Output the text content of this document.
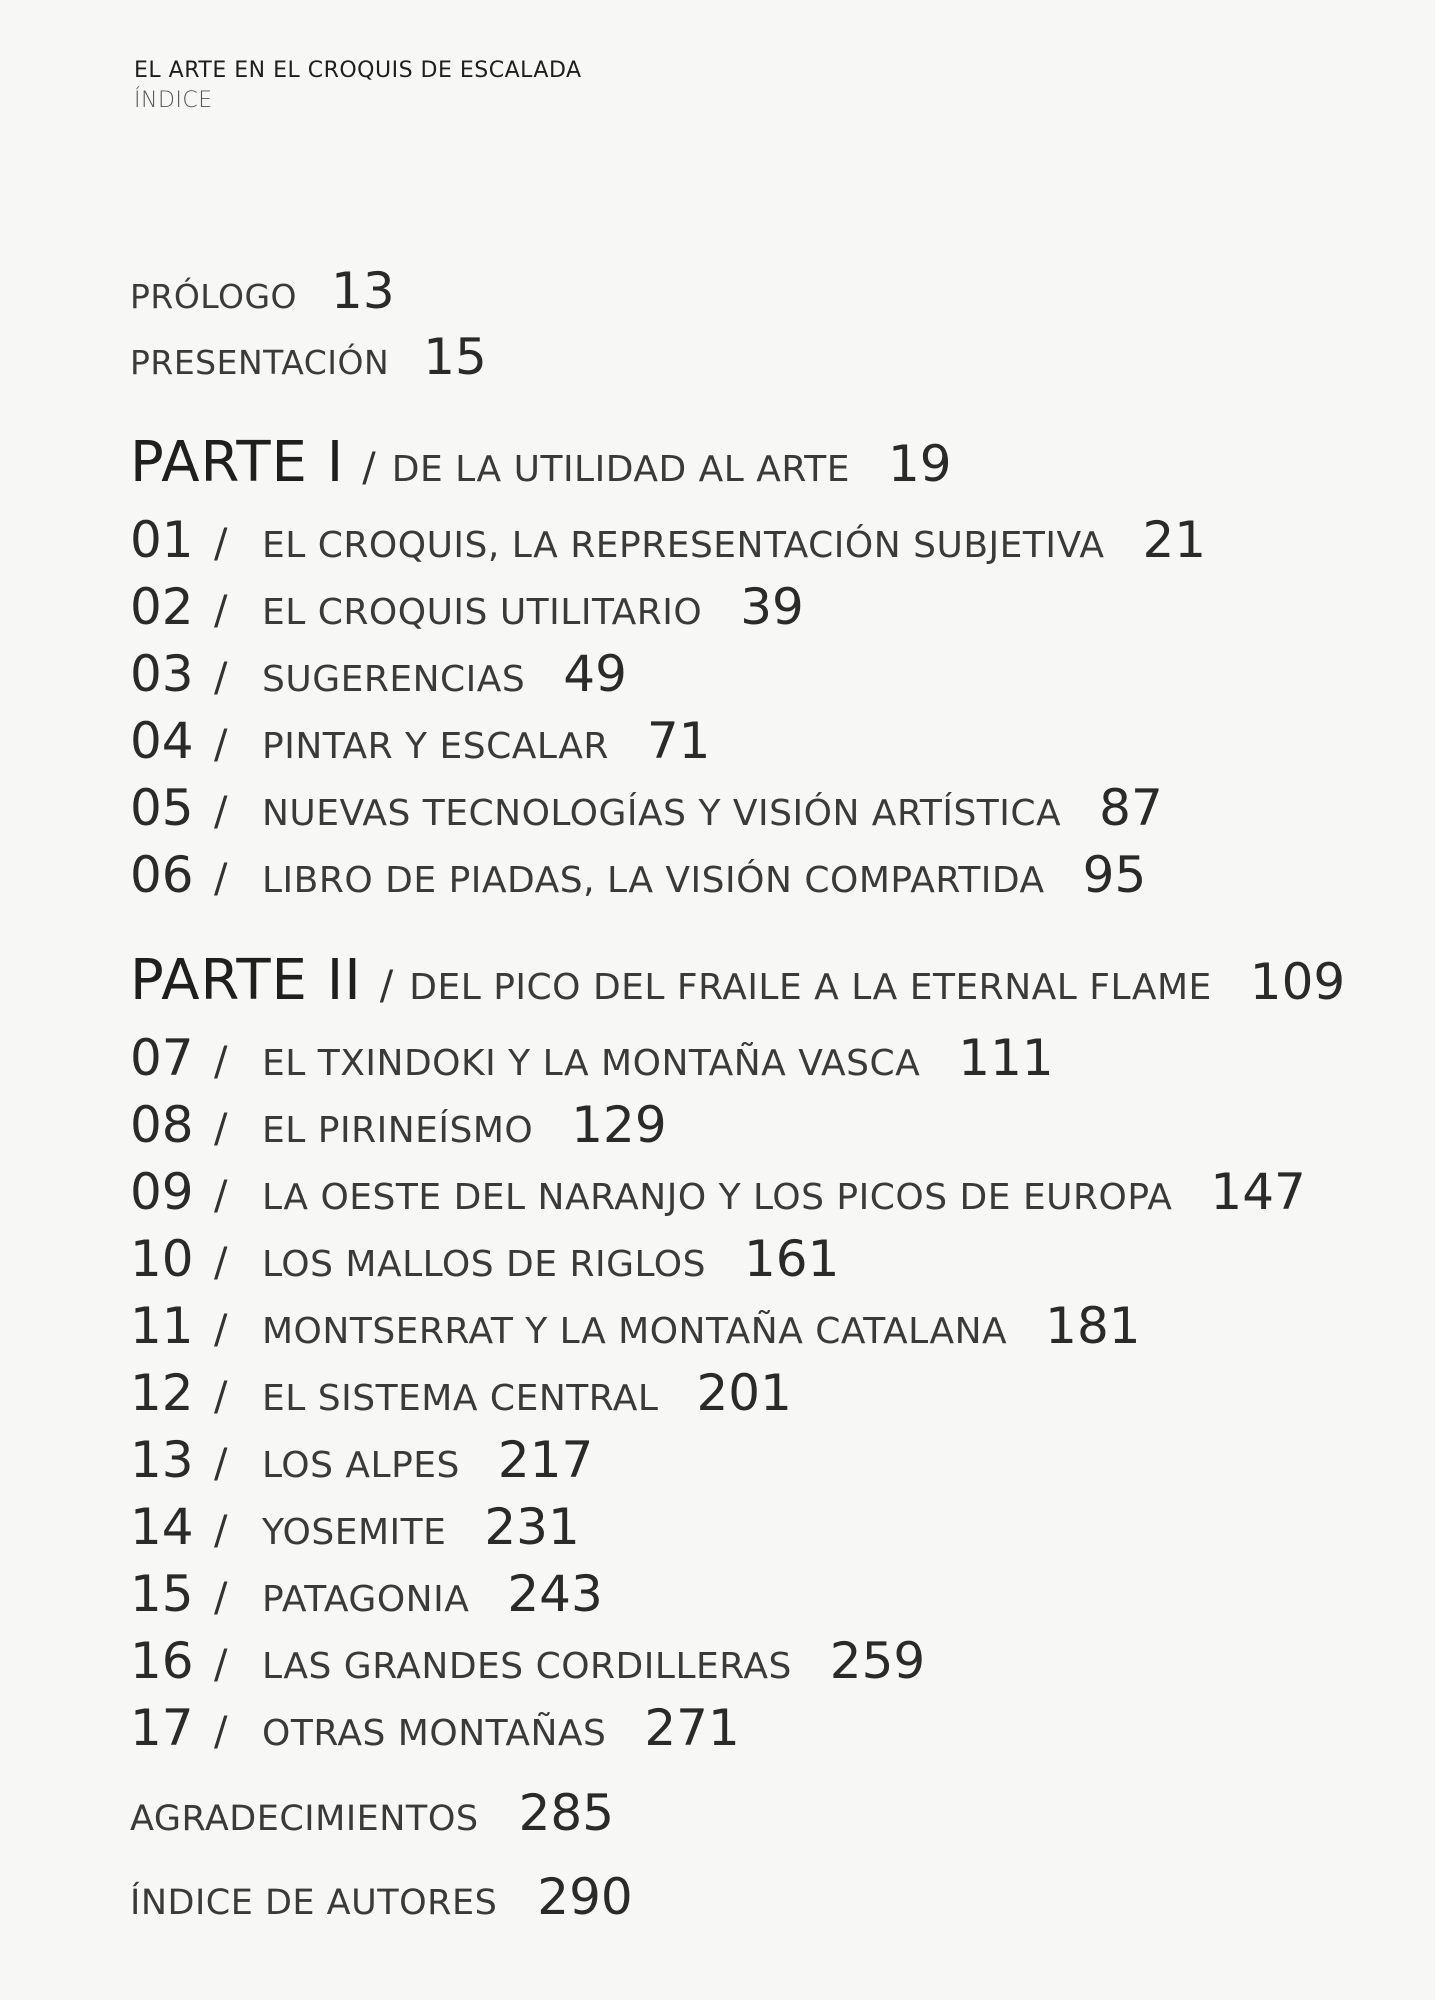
EL ARTE EN EL CROQUIS DE ESCALADA
ÍNDICE
PRÓLOGO 13
PRESENTACIÓN 15
PARTE I / DE LA UTILIDAD AL ARTE 19
01 / EL CROQUIS, LA REPRESENTACIÓN SUBJETIVA 21
02 / EL CROQUIS UTILITARIO 39
03 / SUGERENCIAS 49
04 / PINTAR Y ESCALAR 71
05 / NUEVAS TECNOLOGÍAS Y VISIÓN ARTÍSTICA 87
06 / LIBRO DE PIADAS, LA VISIÓN COMPARTIDA 95
PARTE II / DEL PICO DEL FRAILE A LA ETERNAL FLAME 109
07 / EL TXINDOKI Y LA MONTAÑA VASCA 111
08 / EL PIRINEÍSMO 129
09 / LA OESTE DEL NARANJO Y LOS PICOS DE EUROPA 147
10 / LOS MALLOS DE RIGLOS 161
11 / MONTSERRAT Y LA MONTAÑA CATALANA 181
12 / EL SISTEMA CENTRAL 201
13 / LOS ALPES 217
14 / YOSEMITE 231
15 / PATAGONIA 243
16 / LAS GRANDES CORDILLERAS 259
17 / OTRAS MONTAÑAS 271
AGRADECIMIENTOS 285
ÍNDICE DE AUTORES 290
